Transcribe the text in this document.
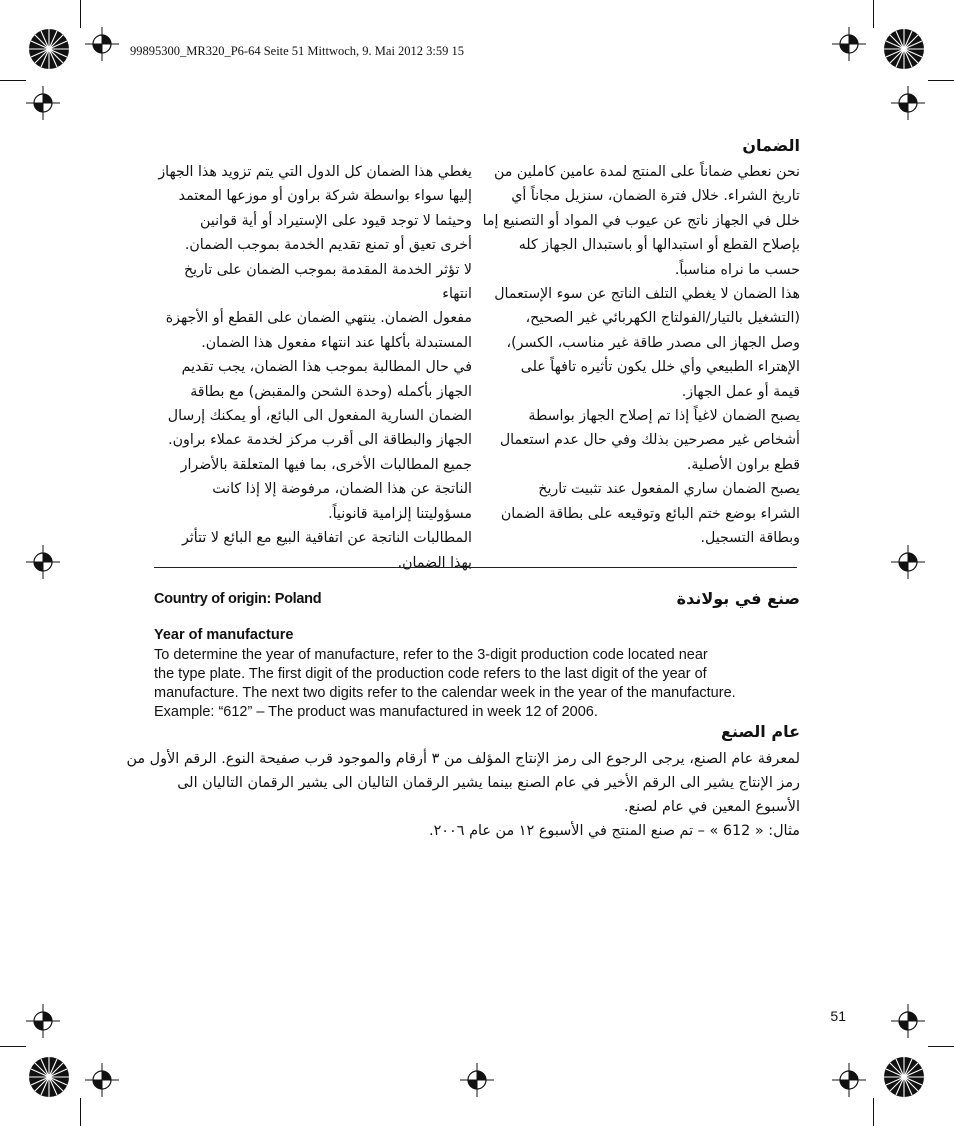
99895300_MR320_P6-64 Seite 51 Mittwoch, 9. Mai 2012 3:59 15
الضمان

نحن نعطي ضماناً على المنتج لمدة عامين كاملين من

تاريخ الشراء. خلال فترة الضمان، سنزيل مجاناً أي

خلل في الجهاز ناتج عن عيوب في المواد أو التصنيع إما

بإصلاح القطع أو استبدالها أو باستبدال الجهاز كله

حسب ما نراه مناسباً.

هذا الضمان لا يغطي التلف الناتج عن سوء الإستعمال

(التشغيل بالتيار/الفولتاج الكهربائي غير الصحيح،

وصل الجهاز الى مصدر طاقة غير مناسب، الكسر)،

الإهتراء الطبيعي وأي خلل يكون تأثيره تافهاً على

قيمة أو عمل الجهاز.

يصبح الضمان لاغياً إذا تم إصلاح الجهاز بواسطة

أشخاص غير مصرحين بذلك وفي حال عدم استعمال

قطع براون الأصلية.

يصبح الضمان ساري المفعول عند تثبيت تاريخ

الشراء بوضع ختم البائع وتوقيعه على بطاقة الضمان

وبطاقة التسجيل.

يغطي هذا الضمان كل الدول التي يتم تزويد هذا الجهاز

إليها سواء بواسطة شركة براون أو موزعها المعتمد

وحيثما لا توجد قيود على الإستيراد أو أية قوانين

أخرى تعيق أو تمنع تقديم الخدمة بموجب الضمان.

لا تؤثر الخدمة المقدمة بموجب الضمان على تاريخ انتهاء

مفعول الضمان. ينتهي الضمان على القطع أو الأجهزة

المستبدلة بأكلها عند انتهاء مفعول هذا الضمان.

في حال المطالبة بموجب هذا الضمان، يجب تقديم

الجهاز بأكمله (وحدة الشحن والمقبض) مع بطاقة

الضمان السارية المفعول الى البائع، أو يمكنك إرسال

الجهاز والبطاقة الى أقرب مركز لخدمة عملاء براون.

جميع المطالبات الأخرى، بما فيها المتعلقة بالأضرار

الناتجة عن هذا الضمان، مرفوضة إلا إذا كانت

مسؤوليتنا إلزامية قانونياً.

المطالبات الناتجة عن اتفاقية البيع مع البائع لا تتأثر

بهذا الضمان.

Country of origin: Poland	صنع في بولاندة
Year of manufacture
To determine the year of manufacture, refer to the 3-digit production code located near
the type plate. The first digit of the production code refers to the last digit of the year of
manufacture. The next two digits refer to the calendar week in the year of the manufacture.
Example: “612” – The product was manufactured in week 12 of 2006.
عام الصنع
لمعرفة عام الصنع، يرجى الرجوع الى رمز الإنتاج المؤلف من ٣ أرقام والموجود قرب صفيحة النوع. الرقم الأول من
رمز الإنتاج يشير الى الرقم الأخير في عام الصنع بينما يشير الرقمان التاليان الى يشير الرقمان التاليان الى
الأسبوع المعين في عام لصنع.
مثال: « 612 » – تم صنع المنتج في الأسبوع ١٢ من عام ٢٠٠٦.
51
